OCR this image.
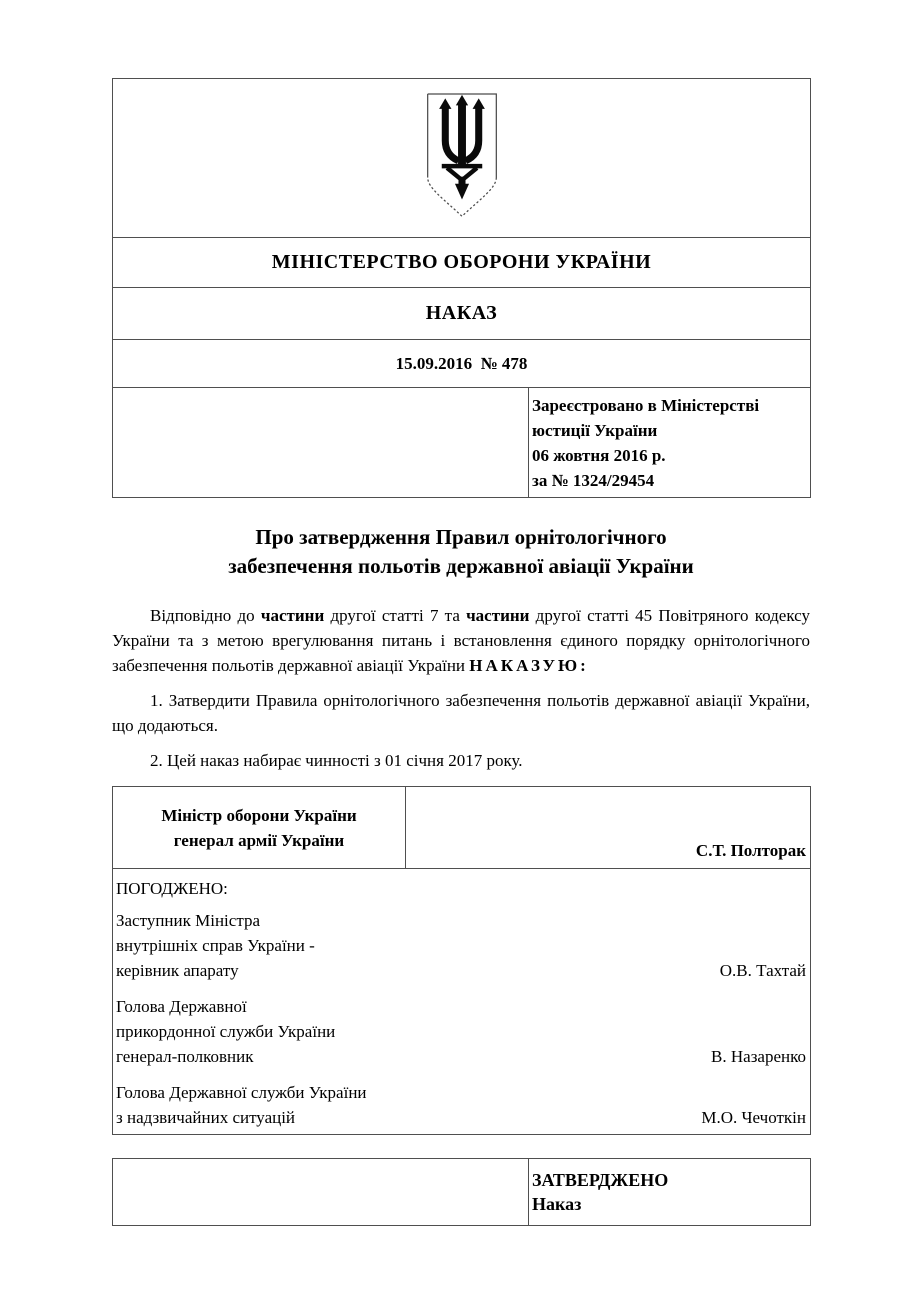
МІНІСТЕРСТВО ОБОРОНИ УКРАЇНИ
НАКАЗ
15.09.2016  № 478

Зареєстровано в Міністерстві юстиції України
06 жовтня 2016 р.
за № 1324/29454
Про затвердження Правил орнітологічного
забезпечення польотів державної авіації України

Відповідно до частини другої статті 7 та частини другої статті 45 Повітряного кодексу України та з метою врегулювання питань і встановлення єдиного порядку орнітологічного забезпечення польотів державної авіації України НАКАЗУЮ:

1. Затвердити Правила орнітологічного забезпечення польотів державної авіації України, що додаються.

2. Цей наказ набирає чинності з 01 січня 2017 року.

Міністр оборони України
генерал армії України
	С.Т. Полторак
ПОГОДЖЕНО:	

Заступник Міністра
внутрішніх справ України -
керівник апарату	О.В. Тахтай

Голова Державної
прикордонної служби України
генерал-полковник	В. Назаренко

Голова Державної служби України
з надзвичайних ситуацій	М.О. Чечоткін

ЗАТВЕРДЖЕНО
Наказ
